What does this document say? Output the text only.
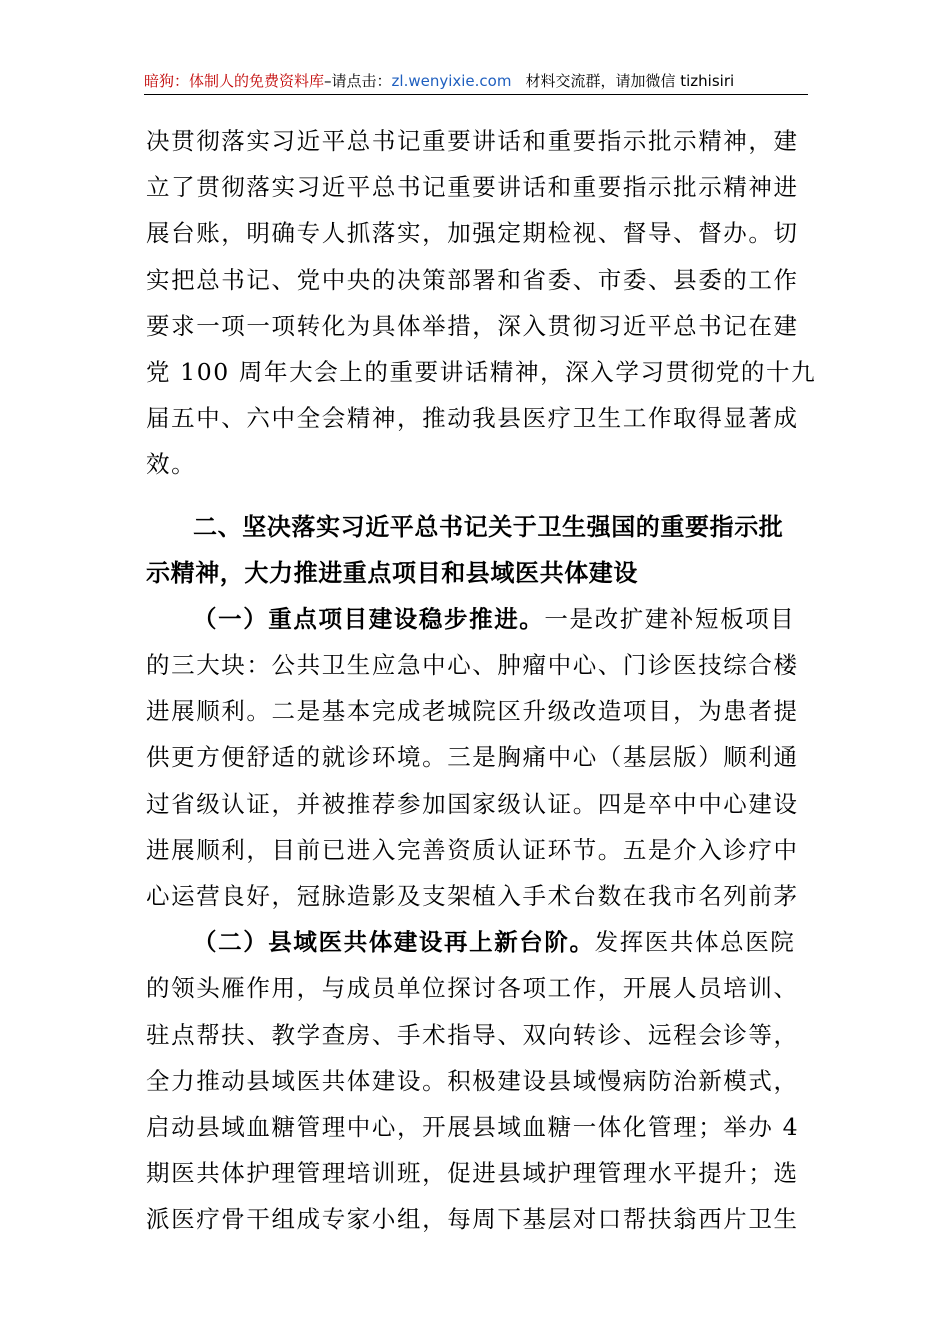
暗狗：体制人的免费资料库–请点击：zl.wenyixie.com 材料交流群，请加微信 tizhisiri
决贯彻落实习近平总书记重要讲话和重要指示批示精神，建
立了贯彻落实习近平总书记重要讲话和重要指示批示精神进
展台账，明确专人抓落实，加强定期检视、督导、督办。切
实把总书记、党中央的决策部署和省委、市委、县委的工作
要求一项一项转化为具体举措，深入贯彻习近平总书记在建
党 100 周年大会上的重要讲话精神，深入学习贯彻党的十九
届五中、六中全会精神，推动我县医疗卫生工作取得显著成
效。
二、坚决落实习近平总书记关于卫生强国的重要指示批
示精神，大力推进重点项目和县域医共体建设
（一）重点项目建设稳步推进。一是改扩建补短板项目
的三大块：公共卫生应急中心、肿瘤中心、门诊医技综合楼
进展顺利。二是基本完成老城院区升级改造项目，为患者提
供更方便舒适的就诊环境。三是胸痛中心（基层版）顺利通
过省级认证，并被推荐参加国家级认证。四是卒中中心建设
进展顺利，目前已进入完善资质认证环节。五是介入诊疗中
心运营良好，冠脉造影及支架植入手术台数在我市名列前茅
（二）县域医共体建设再上新台阶。发挥医共体总医院
的领头雁作用，与成员单位探讨各项工作，开展人员培训、
驻点帮扶、教学查房、手术指导、双向转诊、远程会诊等，
全力推动县域医共体建设。积极建设县域慢病防治新模式，
启动县域血糖管理中心，开展县域血糖一体化管理；举办 4
期医共体护理管理培训班，促进县域护理管理水平提升；选
派医疗骨干组成专家小组，每周下基层对口帮扶翁西片卫生
